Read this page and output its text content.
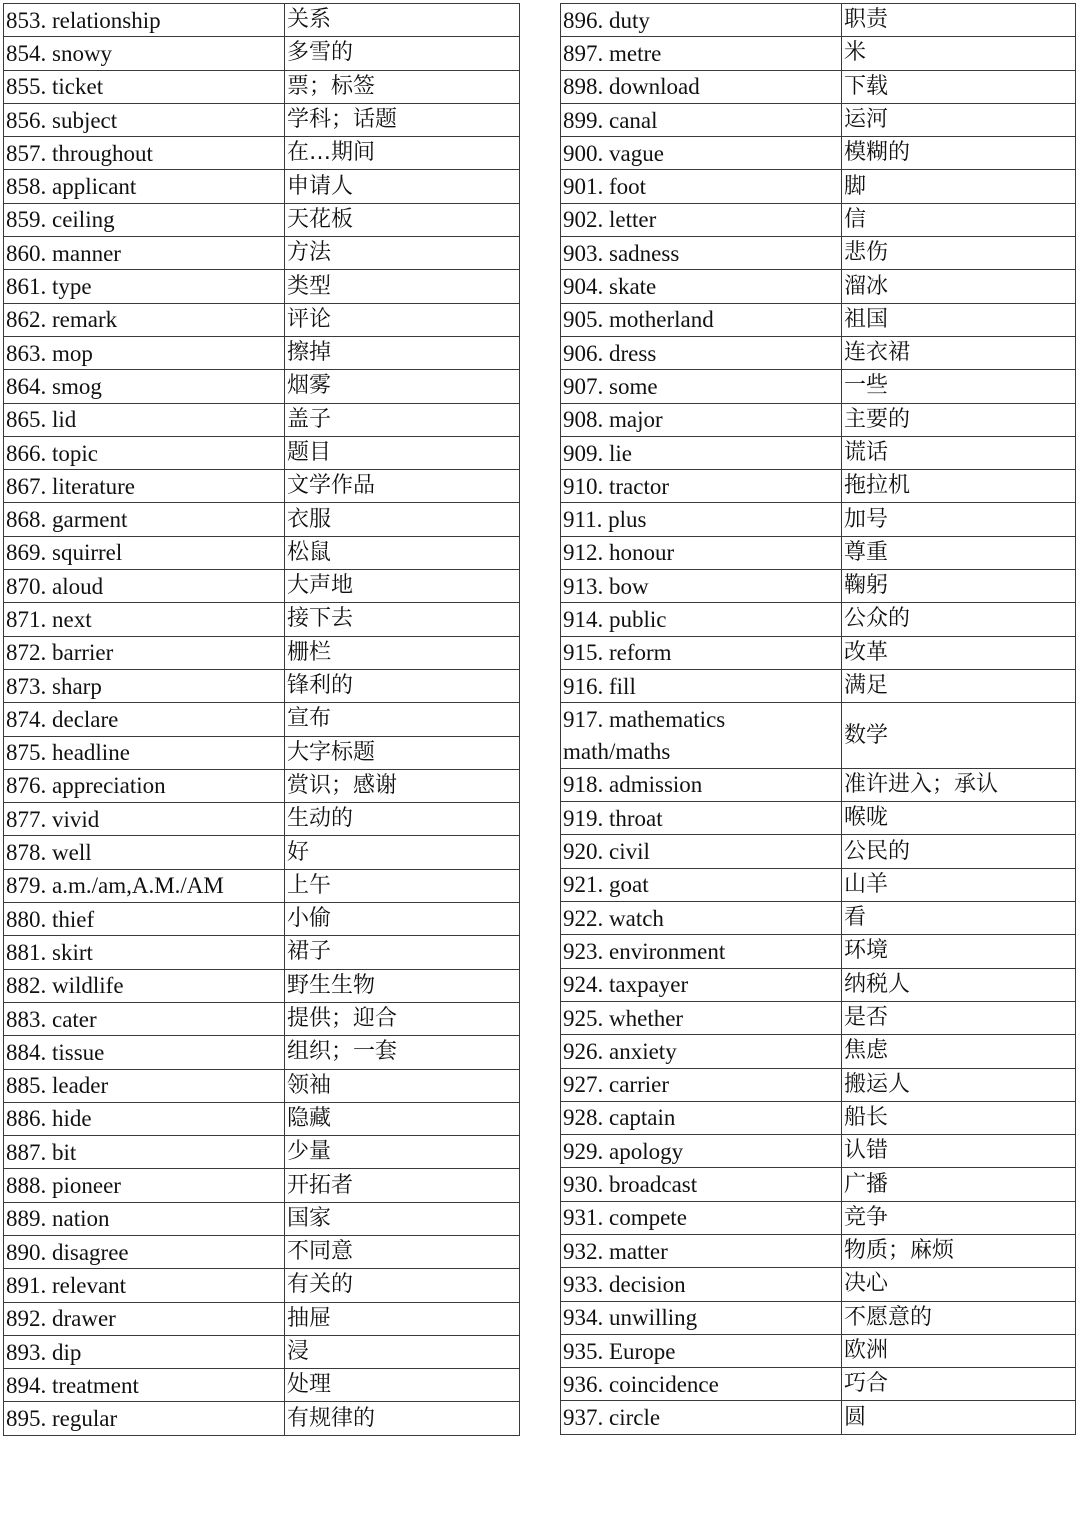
853. relationship	关系
854. snowy	多雪的
855. ticket	票；标签
856. subject	学科；话题
857. throughout	在…期间
858. applicant	申请人
859. ceiling	天花板
860. manner	方法
861. type	类型
862. remark	评论
863. mop	擦掉
864. smog	烟雾
865. lid	盖子
866. topic	题目
867. literature	文学作品
868. garment	衣服
869. squirrel	松鼠
870. aloud	大声地
871. next	接下去
872. barrier	栅栏
873. sharp	锋利的
874. declare	宣布
875. headline	大字标题
876. appreciation	赏识；感谢
877. vivid	生动的
878. well	好
879. a.m./am,A.M./AM	上午
880. thief	小偷
881. skirt	裙子
882. wildlife	野生生物
883. cater	提供；迎合
884. tissue	组织；一套
885. leader	领袖
886. hide	隐藏
887. bit	少量
888. pioneer	开拓者
889. nation	国家
890. disagree	不同意
891. relevant	有关的
892. drawer	抽屉
893. dip	浸
894. treatment	处理
895. regular	有规律的
896. duty	职责
897. metre	米
898. download	下载
899. canal	运河
900. vague	模糊的
901. foot	脚
902. letter	信
903. sadness	悲伤
904. skate	溜冰
905. motherland	祖国
906. dress	连衣裙
907. some	一些
908. major	主要的
909. lie	谎话
910. tractor	拖拉机
911. plus	加号
912. honour	尊重
913. bow	鞠躬
914. public	公众的
915. reform	改革
916. fill	满足
917. mathematics	数学
math/maths	
918. admission	准许进入；承认
919. throat	喉咙
920. civil	公民的
921. goat	山羊
922. watch	看
923. environment	环境
924. taxpayer	纳税人
925. whether	是否
926. anxiety	焦虑
927. carrier	搬运人
928. captain	船长
929. apology	认错
930. broadcast	广播
931. compete	竞争
932. matter	物质；麻烦
933. decision	决心
934. unwilling	不愿意的
935. Europe	欧洲
936. coincidence	巧合
937. circle	圆
